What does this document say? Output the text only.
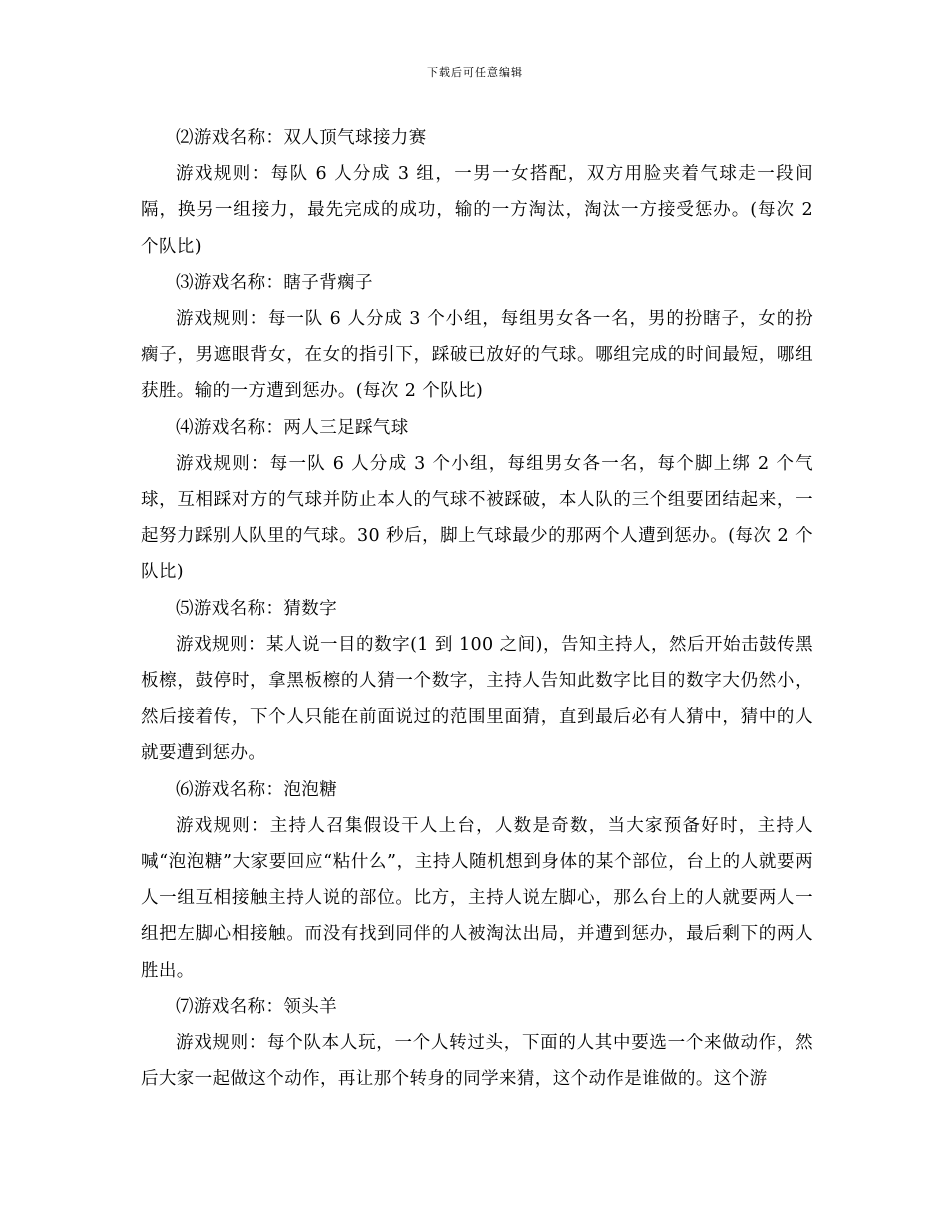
下载后可任意编辑

⑵游戏名称：双人顶气球接力赛

游戏规则：每队 6 人分成 3 组，一男一女搭配，双方用脸夹着气球走一段间隔，换另一组接力，最先完成的成功，输的一方淘汰，淘汰一方接受惩办。(每次 2 个队比)

⑶游戏名称：瞎子背瘸子

游戏规则：每一队 6 人分成 3 个小组，每组男女各一名，男的扮瞎子，女的扮瘸子，男遮眼背女，在女的指引下，踩破已放好的气球。哪组完成的时间最短，哪组获胜。输的一方遭到惩办。(每次 2 个队比)

⑷游戏名称：两人三足踩气球

游戏规则：每一队 6 人分成 3 个小组，每组男女各一名，每个脚上绑 2 个气球，互相踩对方的气球并防止本人的气球不被踩破，本人队的三个组要团结起来，一起努力踩别人队里的气球。30 秒后，脚上气球最少的那两个人遭到惩办。(每次 2 个队比)

⑸游戏名称：猜数字

游戏规则：某人说一目的数字(1 到 100 之间)，告知主持人，然后开始击鼓传黑板檫，鼓停时，拿黑板檫的人猜一个数字，主持人告知此数字比目的数字大仍然小，然后接着传，下个人只能在前面说过的范围里面猜，直到最后必有人猜中，猜中的人就要遭到惩办。

⑹游戏名称：泡泡糖

游戏规则：主持人召集假设干人上台，人数是奇数，当大家预备好时，主持人喊“泡泡糖”大家要回应“粘什么”，主持人随机想到身体的某个部位，台上的人就要两人一组互相接触主持人说的部位。比方，主持人说左脚心，那么台上的人就要两人一组把左脚心相接触。而没有找到同伴的人被淘汰出局，并遭到惩办，最后剩下的两人胜出。

⑺游戏名称：领头羊

游戏规则：每个队本人玩，一个人转过头，下面的人其中要选一个来做动作，然后大家一起做这个动作，再让那个转身的同学来猜，这个动作是谁做的。这个游
